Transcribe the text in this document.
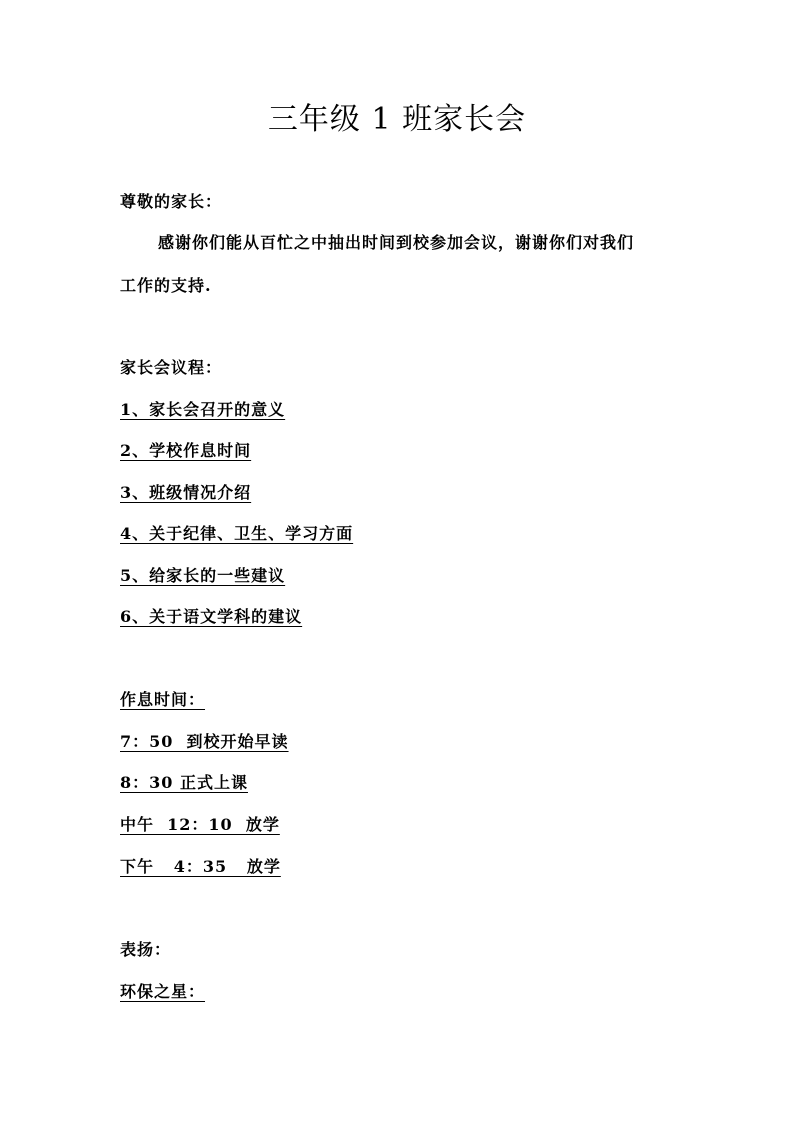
三年级 1 班家长会
尊敬的家长：
感谢你们能从百忙之中抽出时间到校参加会议，谢谢你们对我们
工作的支持.
家长会议程：
1、家长会召开的意义
2、学校作息时间
3、班级情况介绍
4、关于纪律、卫生、学习方面
5、给家长的一些建议
6、关于语文学科的建议
作息时间：
7：50  到校开始早读
8：30 正式上课
中午  12：10  放学
下午   4：35   放学
表扬：
环保之星：
